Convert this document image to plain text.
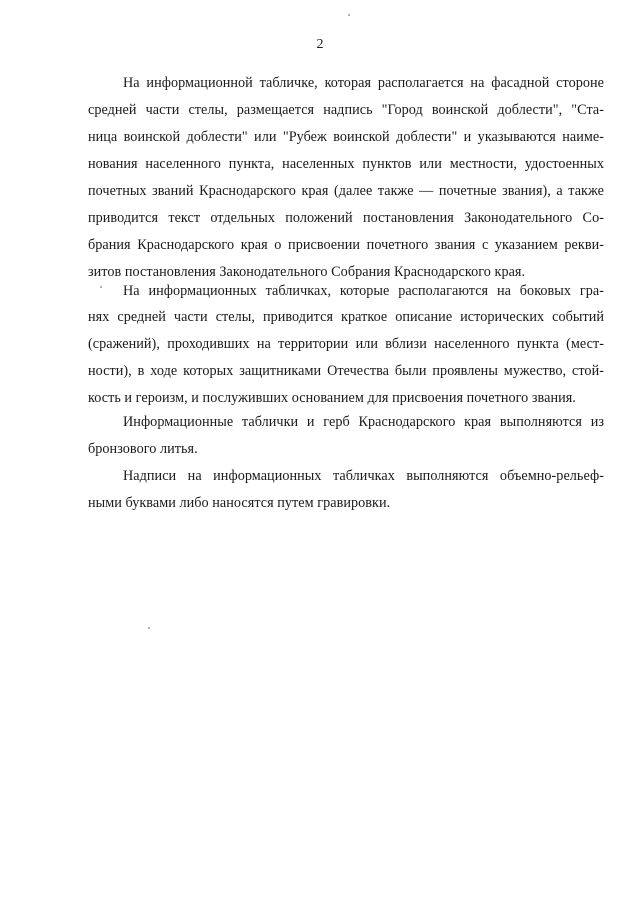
2
На информационной табличке, которая располагается на фасадной стороне
средней части стелы, размещается надпись "Город воинской доблести", "Ста-
ница воинской доблести" или "Рубеж воинской доблести" и указываются наиме-
нования населенного пункта, населенных пунктов или местности, удостоенных
почетных званий Краснодарского края (далее также — почетные звания), а также
приводится текст отдельных положений постановления Законодательного Со-
брания Краснодарского края о присвоении почетного звания с указанием рекви-
зитов постановления Законодательного Собрания Краснодарского края.
На информационных табличках, которые располагаются на боковых гра-
нях средней части стелы, приводится краткое описание исторических событий
(сражений), проходивших на территории или вблизи населенного пункта (мест-
ности), в ходе которых защитниками Отечества были проявлены мужество, стой-
кость и героизм, и послуживших основанием для присвоения почетного звания.
Информационные таблички и герб Краснодарского края выполняются из
бронзового литья.
Надписи на информационных табличках выполняются объемно-рельеф-
ными буквами либо наносятся путем гравировки.
